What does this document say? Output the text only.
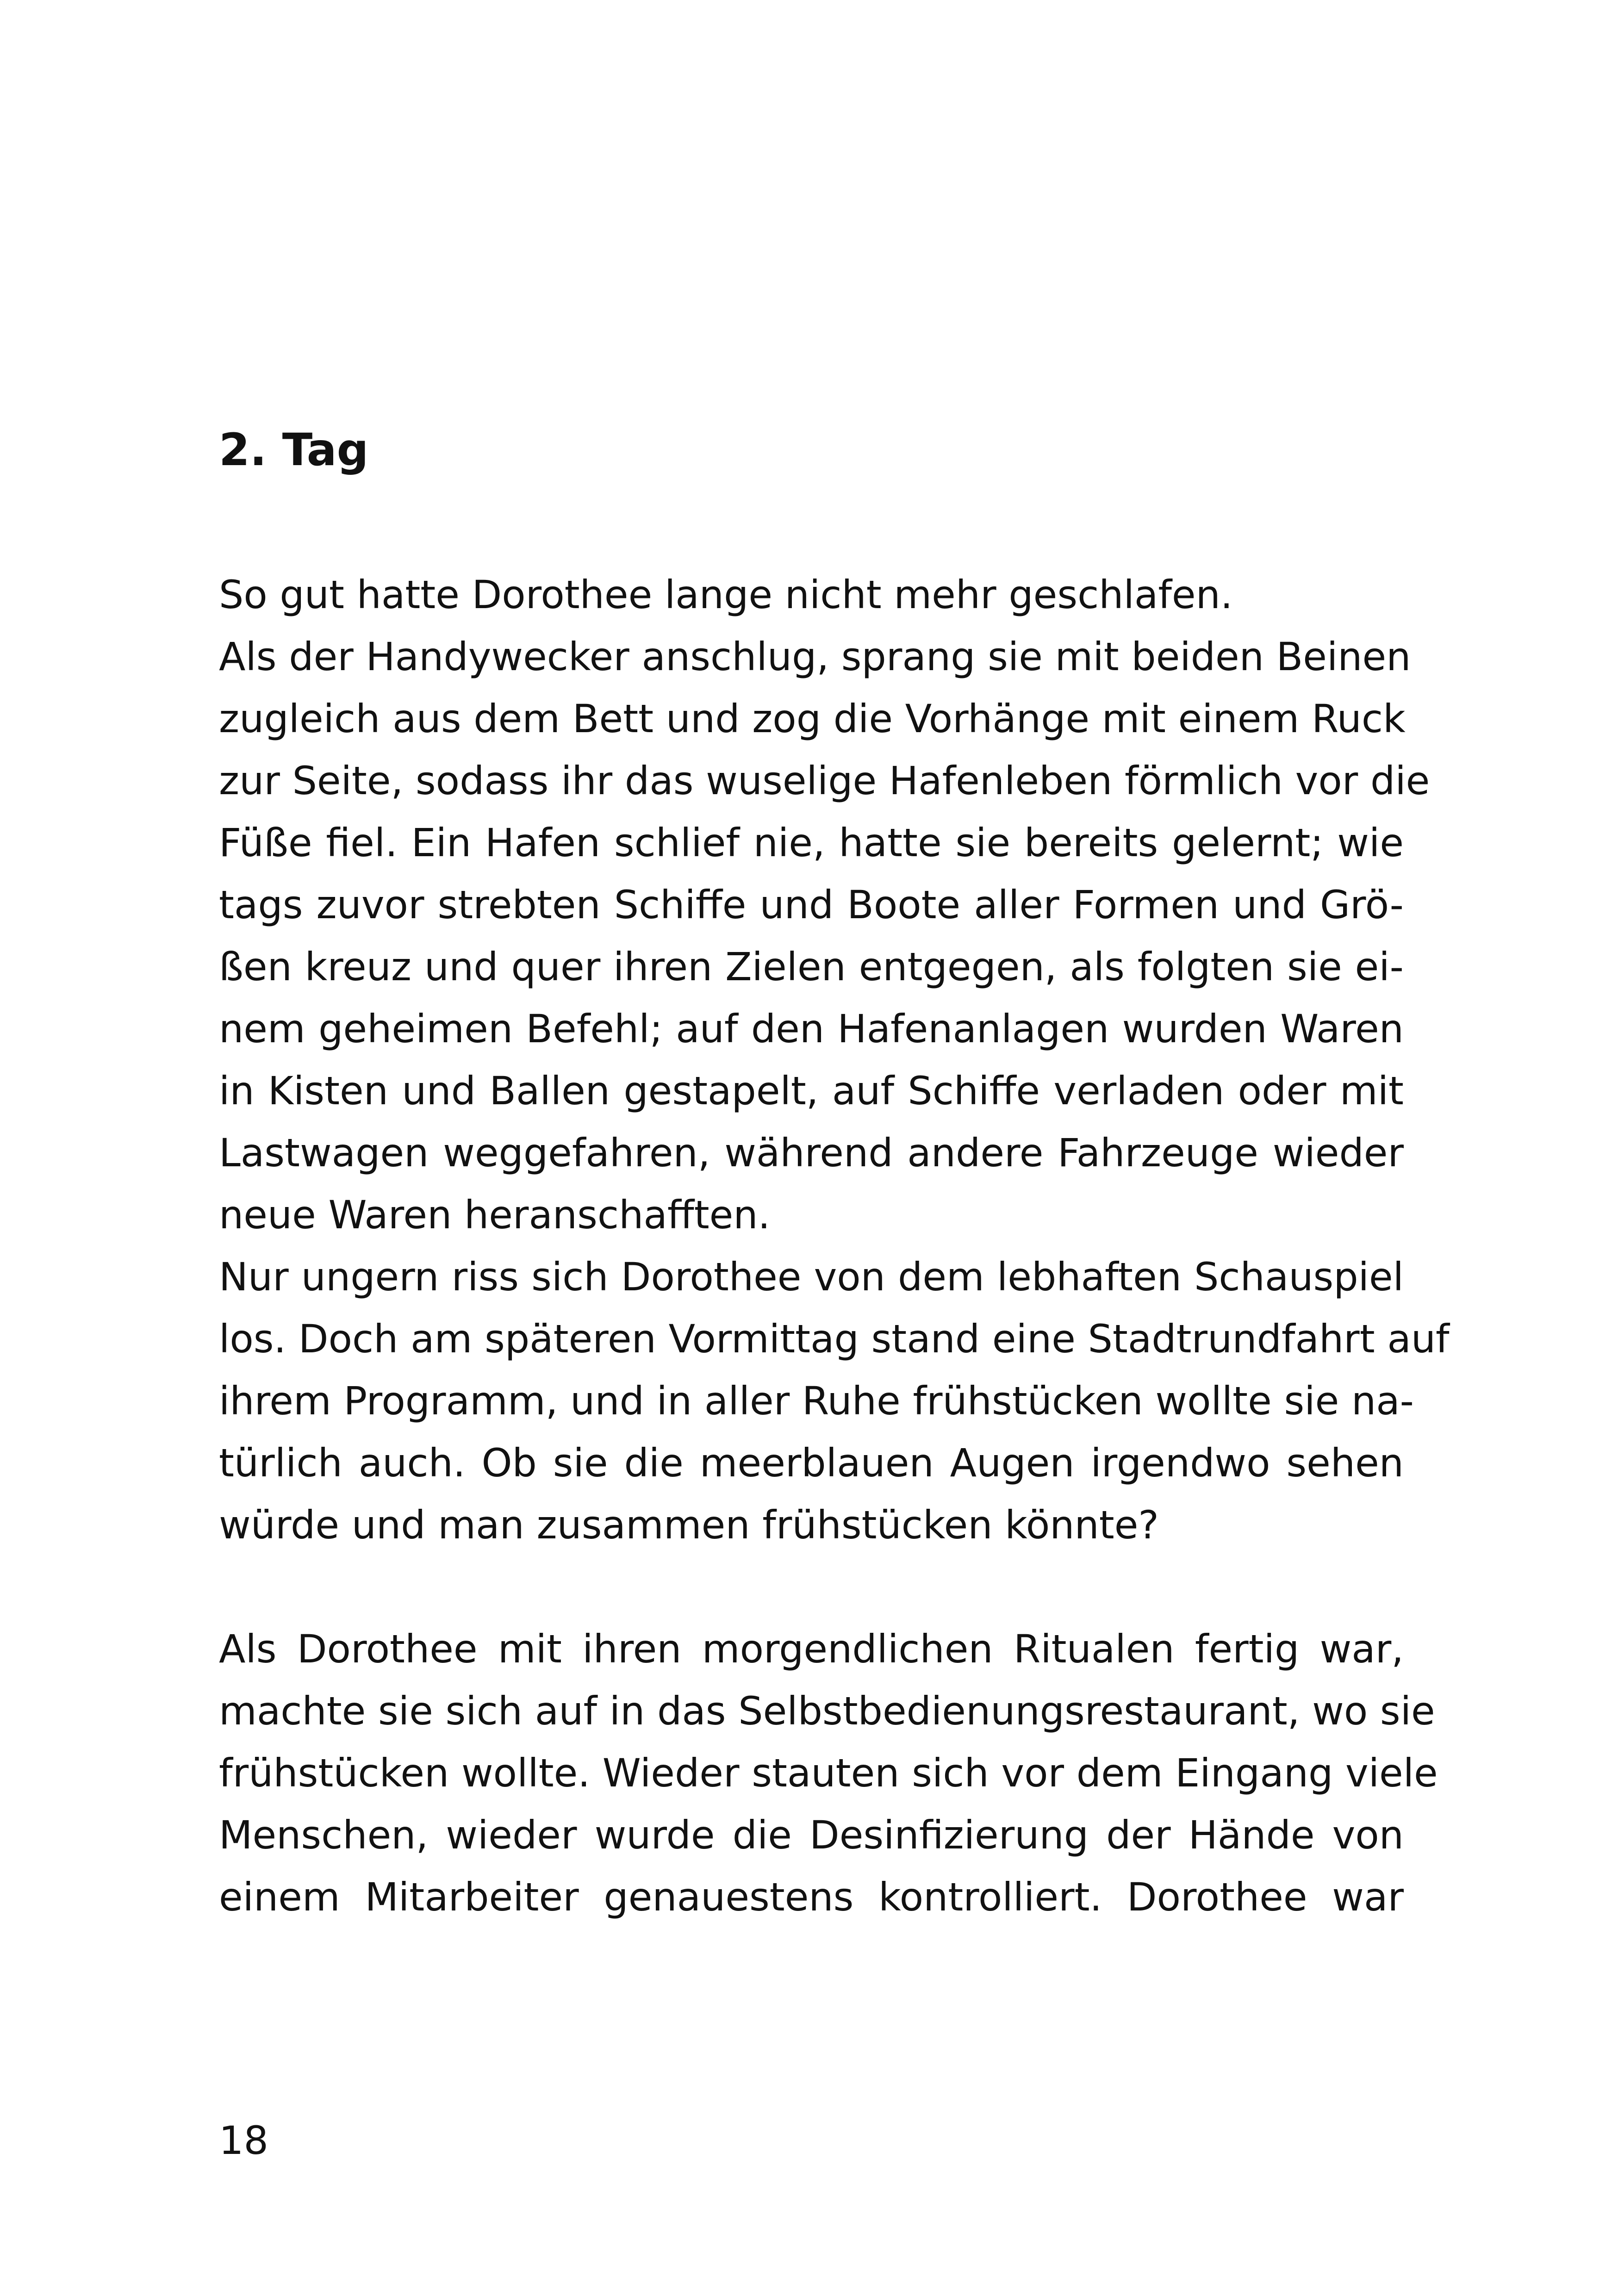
2. Tag
So gut hatte Dorothee lange nicht mehr geschlafen.
Als der Handywecker anschlug, sprang sie mit beiden Beinen
zugleich aus dem Bett und zog die Vorhänge mit einem Ruck
zur Seite, sodass ihr das wuselige Hafenleben förmlich vor die
Füße fiel. Ein Hafen schlief nie, hatte sie bereits gelernt; wie
tags zuvor strebten Schiffe und Boote aller Formen und Grö-
ßen kreuz und quer ihren Zielen entgegen, als folgten sie ei-
nem geheimen Befehl; auf den Hafenanlagen wurden Waren
in Kisten und Ballen gestapelt, auf Schiffe verladen oder mit
Lastwagen weggefahren, während andere Fahrzeuge wieder
neue Waren heranschafften.
Nur ungern riss sich Dorothee von dem lebhaften Schauspiel
los. Doch am späteren Vormittag stand eine Stadtrundfahrt auf
ihrem Programm, und in aller Ruhe frühstücken wollte sie na-
türlich auch. Ob sie die meerblauen Augen irgendwo sehen
würde und man zusammen frühstücken könnte?
Als Dorothee mit ihren morgendlichen Ritualen fertig war,
machte sie sich auf in das Selbstbedienungsrestaurant, wo sie
frühstücken wollte. Wieder stauten sich vor dem Eingang viele
Menschen, wieder wurde die Desinfizierung der Hände von
einem Mitarbeiter genauestens kontrolliert. Dorothee war
18
